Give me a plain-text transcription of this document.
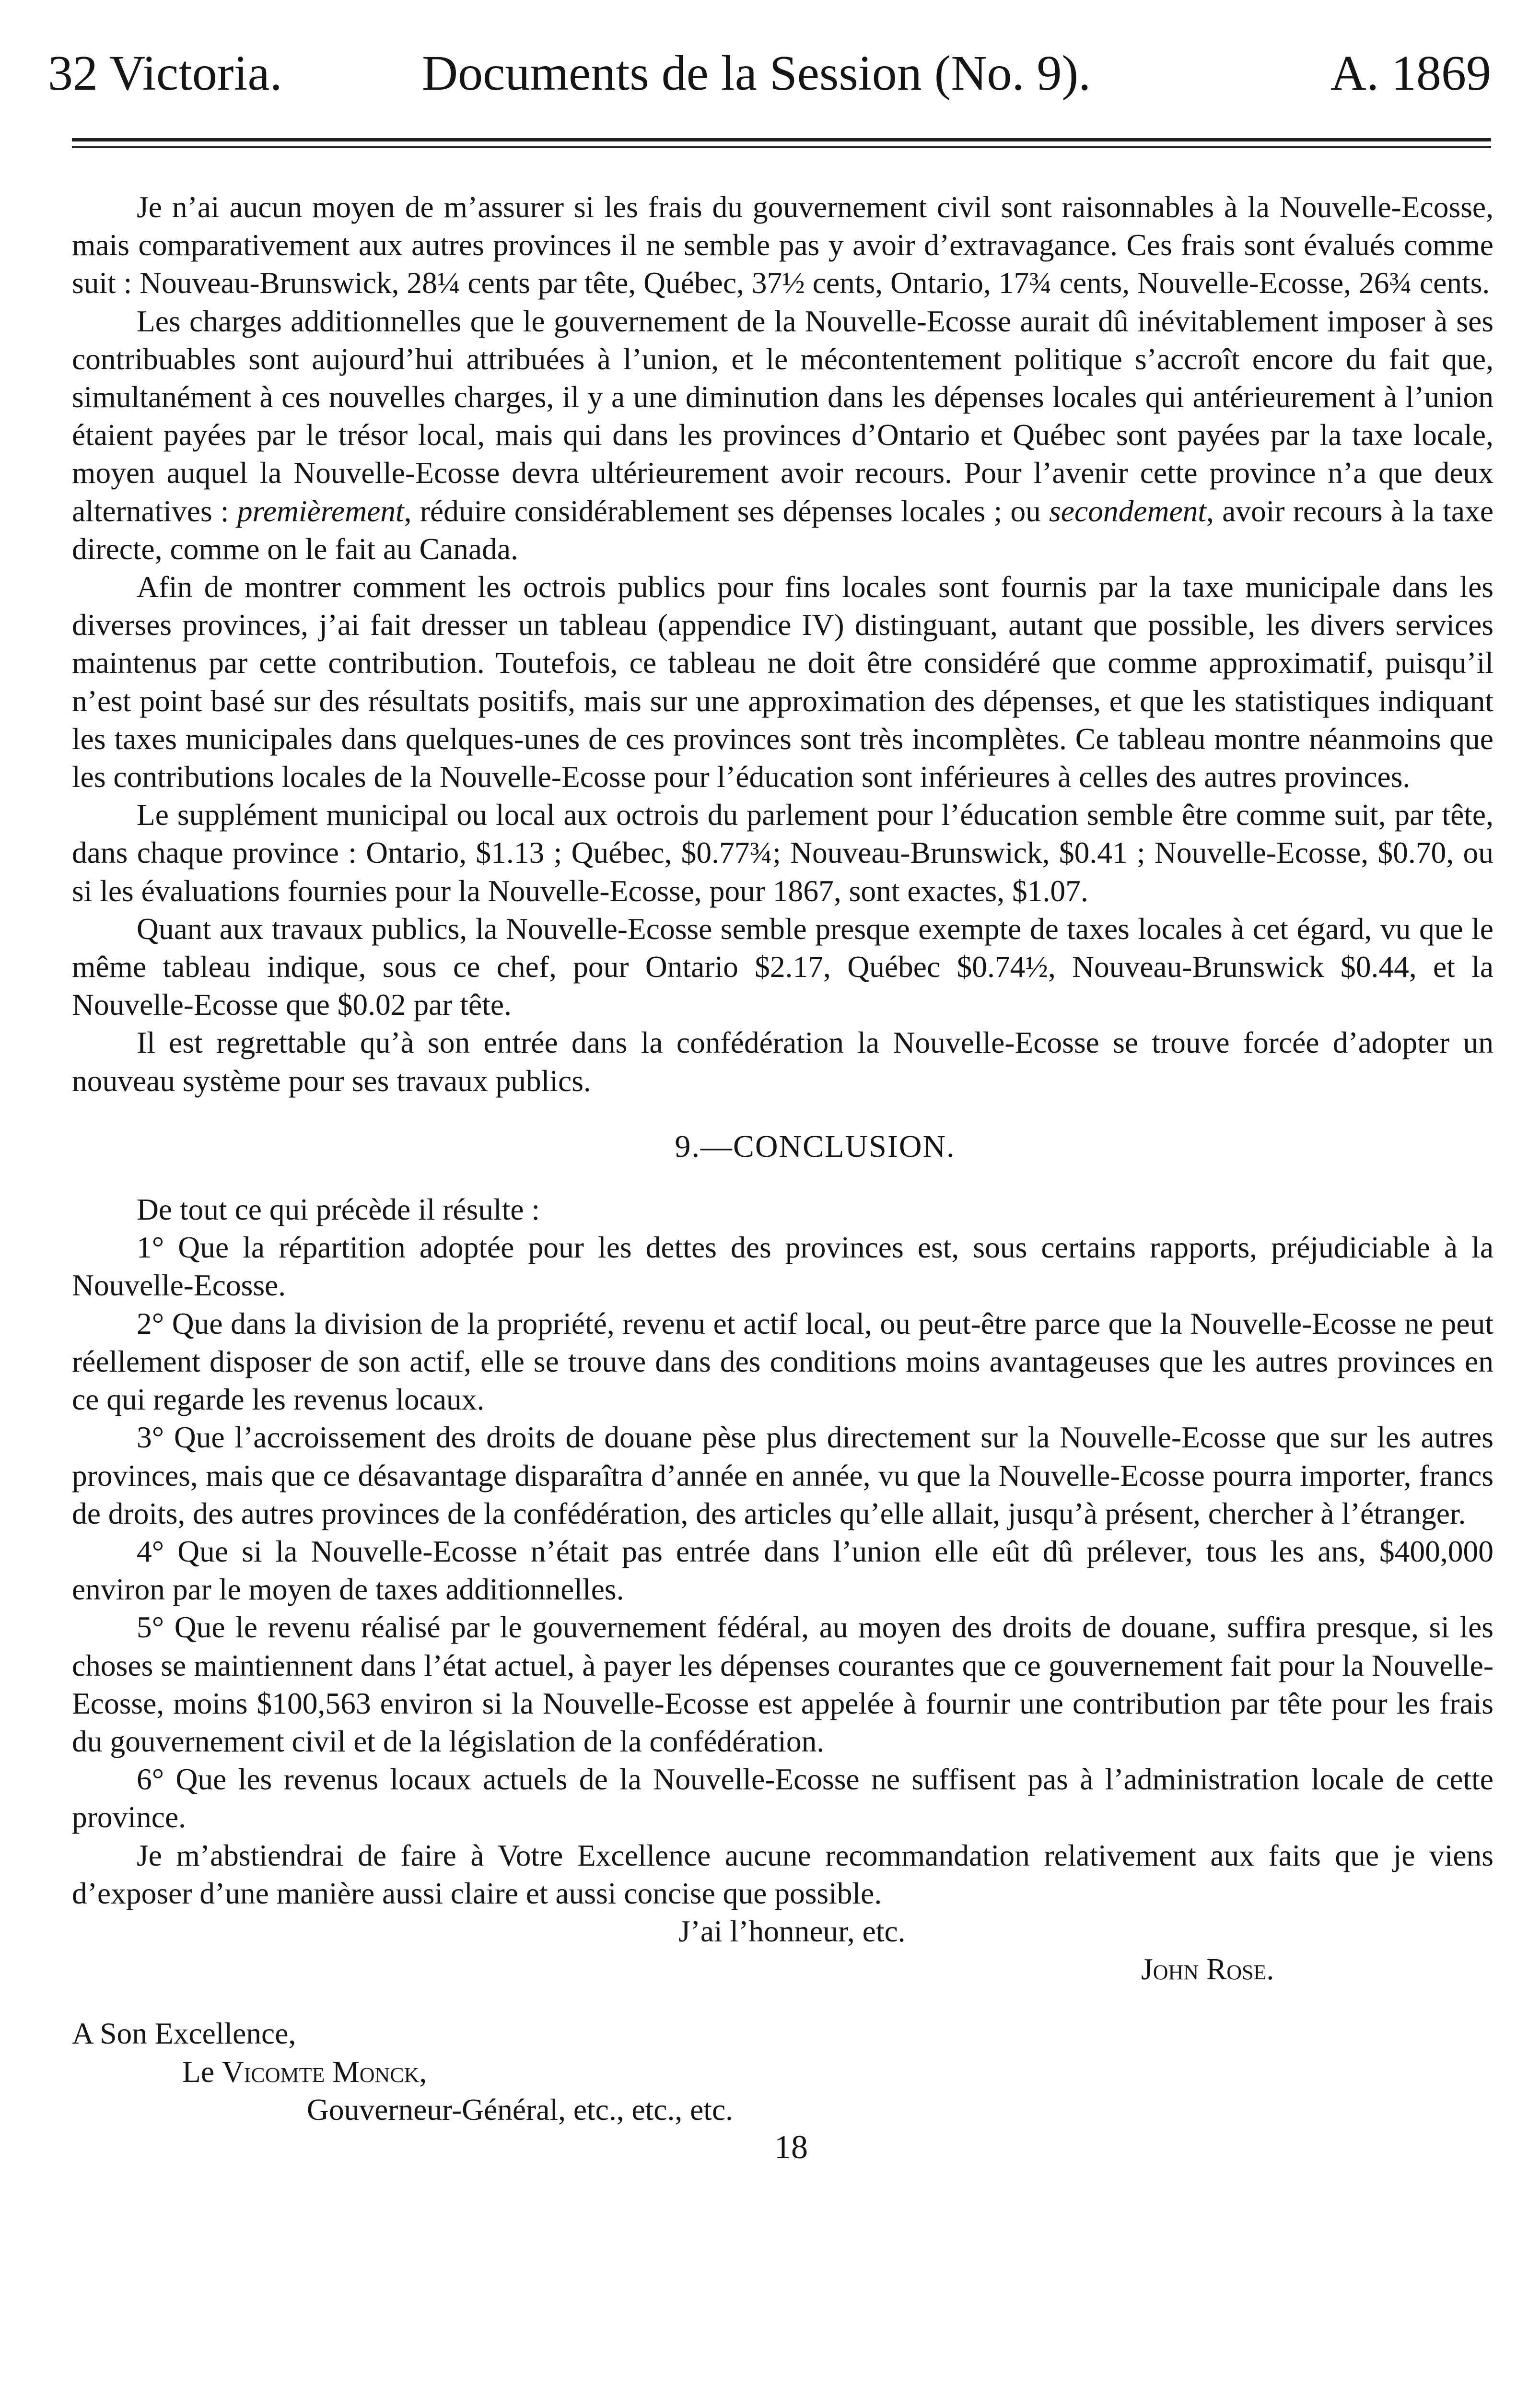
32 Victoria.	Documents de la Session (No. 9).	A. 1869

Je n’ai aucun moyen de m’assurer si les frais du gouvernement civil sont raisonnables à la Nouvelle-Ecosse, mais comparativement aux autres provinces il ne semble pas y avoir d’extravagance. Ces frais sont évalués comme suit : Nouveau-Brunswick, 28¼ cents par tête, Québec, 37½ cents, Ontario, 17¾ cents, Nouvelle-Ecosse, 26¾ cents.

Les charges additionnelles que le gouvernement de la Nouvelle-Ecosse aurait dû inévitablement imposer à ses contribuables sont aujourd’hui attribuées à l’union, et le mécontentement politique s’accroît encore du fait que, simultanément à ces nouvelles charges, il y a une diminution dans les dépenses locales qui antérieurement à l’union étaient payées par le trésor local, mais qui dans les provinces d’Ontario et Québec sont payées par la taxe locale, moyen auquel la Nouvelle-Ecosse devra ultérieurement avoir recours. Pour l’avenir cette province n’a que deux alternatives : premièrement, réduire considérablement ses dépenses locales ; ou secondement, avoir recours à la taxe directe, comme on le fait au Canada.

Afin de montrer comment les octrois publics pour fins locales sont fournis par la taxe municipale dans les diverses provinces, j’ai fait dresser un tableau (appendice IV) distinguant, autant que possible, les divers services maintenus par cette contribution. Toutefois, ce tableau ne doit être considéré que comme approximatif, puisqu’il n’est point basé sur des résultats positifs, mais sur une approximation des dépenses, et que les statistiques indiquant les taxes municipales dans quelques-unes de ces provinces sont très incomplètes. Ce tableau montre néanmoins que les contributions locales de la Nouvelle-Ecosse pour l’éducation sont inférieures à celles des autres provinces.

Le supplément municipal ou local aux octrois du parlement pour l’éducation semble être comme suit, par tête, dans chaque province : Ontario, $1.13 ; Québec, $0.77¾; Nouveau-Brunswick, $0.41 ; Nouvelle-Ecosse, $0.70, ou si les évaluations fournies pour la Nouvelle-Ecosse, pour 1867, sont exactes, $1.07.

Quant aux travaux publics, la Nouvelle-Ecosse semble presque exempte de taxes locales à cet égard, vu que le même tableau indique, sous ce chef, pour Ontario $2.17, Québec $0.74½, Nouveau-Brunswick $0.44, et la Nouvelle-Ecosse que $0.02 par tête.

Il est regrettable qu’à son entrée dans la confédération la Nouvelle-Ecosse se trouve forcée d’adopter un nouveau système pour ses travaux publics.

9.—CONCLUSION.

De tout ce qui précède il résulte :

1° Que la répartition adoptée pour les dettes des provinces est, sous certains rapports, préjudiciable à la Nouvelle-Ecosse.

2° Que dans la division de la propriété, revenu et actif local, ou peut-être parce que la Nouvelle-Ecosse ne peut réellement disposer de son actif, elle se trouve dans des conditions moins avantageuses que les autres provinces en ce qui regarde les revenus locaux.

3° Que l’accroissement des droits de douane pèse plus directement sur la Nouvelle-Ecosse que sur les autres provinces, mais que ce désavantage disparaîtra d’année en année, vu que la Nouvelle-Ecosse pourra importer, francs de droits, des autres provinces de la confédération, des articles qu’elle allait, jusqu’à présent, chercher à l’étranger.

4° Que si la Nouvelle-Ecosse n’était pas entrée dans l’union elle eût dû prélever, tous les ans, $400,000 environ par le moyen de taxes additionnelles.

5° Que le revenu réalisé par le gouvernement fédéral, au moyen des droits de douane, suffira presque, si les choses se maintiennent dans l’état actuel, à payer les dépenses courantes que ce gouvernement fait pour la Nouvelle-Ecosse, moins $100,563 environ si la Nouvelle-Ecosse est appelée à fournir une contribution par tête pour les frais du gouvernement civil et de la législation de la confédération.

6° Que les revenus locaux actuels de la Nouvelle-Ecosse ne suffisent pas à l’administration locale de cette province.

Je m’abstiendrai de faire à Votre Excellence aucune recommandation relativement aux faits que je viens d’exposer d’une manière aussi claire et aussi concise que possible.

J’ai l’honneur, etc.

John Rose.

A Son Excellence,

Le Vicomte Monck,

Gouverneur-Général, etc., etc., etc.

18
